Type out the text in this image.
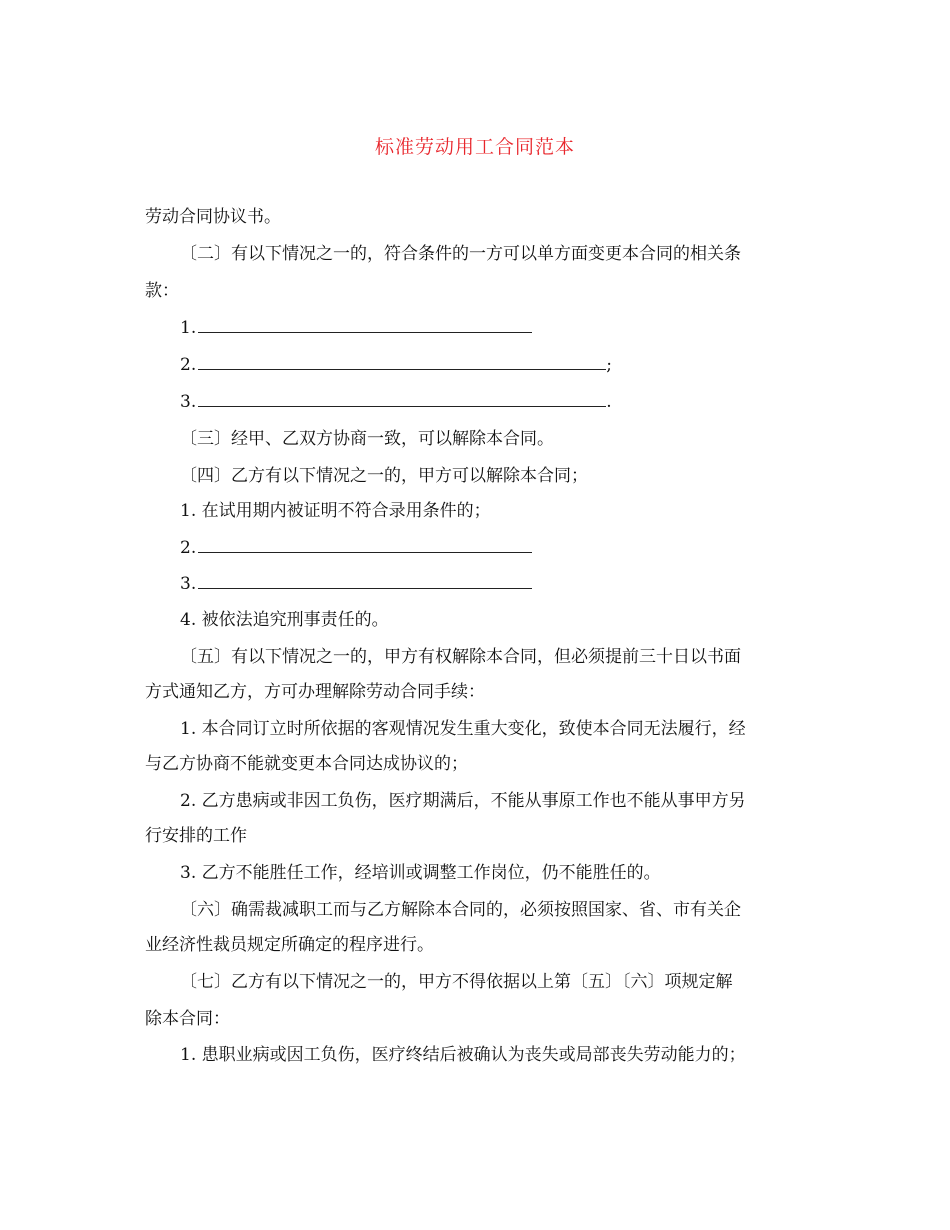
标准劳动用工合同范本
劳动合同协议书。
〔二〕有以下情况之一的，符合条件的一方可以单方面变更本合同的相关条
款：
1.
2.	;
3.	.
〔三〕经甲、乙双方协商一致，可以解除本合同。
〔四〕乙方有以下情况之一的，甲方可以解除本合同；
1. 在试用期内被证明不符合录用条件的；
2.
3.
4. 被依法追究刑事责任的。
〔五〕有以下情况之一的，甲方有权解除本合同，但必须提前三十日以书面
方式通知乙方，方可办理解除劳动合同手续：
1. 本合同订立时所依据的客观情况发生重大变化，致使本合同无法履行，经
与乙方协商不能就变更本合同达成协议的；
2. 乙方患病或非因工负伤，医疗期满后，不能从事原工作也不能从事甲方另
行安排的工作
3. 乙方不能胜任工作，经培训或调整工作岗位，仍不能胜任的。
〔六〕确需裁减职工而与乙方解除本合同的，必须按照国家、省、市有关企
业经济性裁员规定所确定的程序进行。
〔七〕乙方有以下情况之一的，甲方不得依据以上第〔五〕〔六〕项规定解
除本合同：
1. 患职业病或因工负伤，医疗终结后被确认为丧失或局部丧失劳动能力的；
